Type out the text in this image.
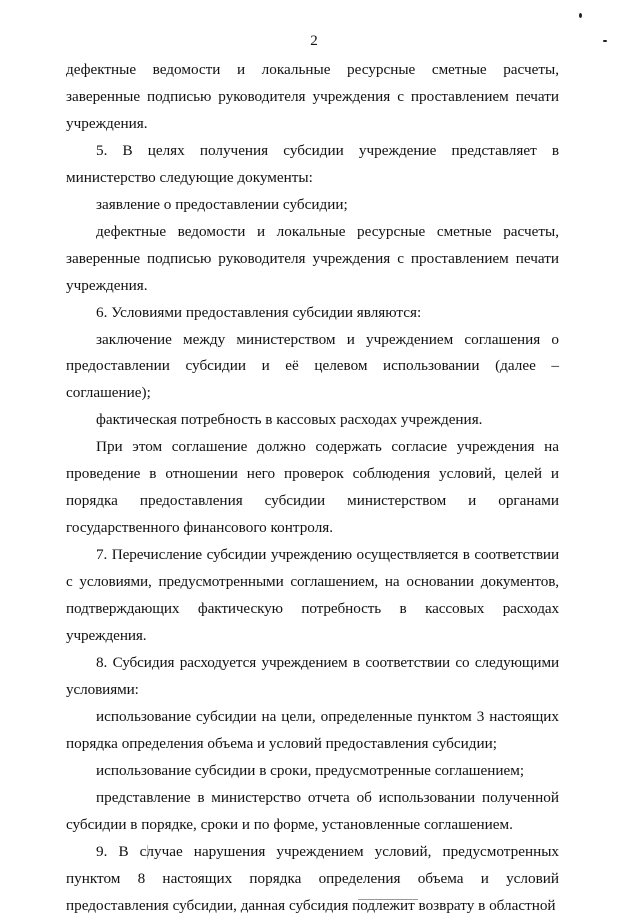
2

дефектные ведомости и локальные ресурсные сметные расчеты, заверенные подписью руководителя учреждения с проставлением печати учреждения.

5. В целях получения субсидии учреждение представляет в министерство следующие документы:

заявление о предоставлении субсидии;

дефектные ведомости и локальные ресурсные сметные расчеты, заверенные подписью руководителя учреждения с проставлением печати учреждения.

6. Условиями предоставления субсидии являются:

заключение между министерством и учреждением соглашения о предоставлении субсидии и её целевом использовании (далее – соглашение);

фактическая потребность в кассовых расходах учреждения.

При этом соглашение должно содержать согласие учреждения на проведение в отношении него проверок соблюдения условий, целей и порядка предоставления субсидии министерством и органами государственного финансового контроля.

7. Перечисление субсидии учреждению осуществляется в соответствии с условиями, предусмотренными соглашением, на основании документов, подтверждающих фактическую потребность в кассовых расходах учреждения.

8. Субсидия расходуется учреждением в соответствии со следующими условиями:

использование субсидии на цели, определенные пунктом 3 настоящих порядка определения объема и условий предоставления субсидии;

использование субсидии в сроки, предусмотренные соглашением;

представление в министерство отчета об использовании полученной субсидии в порядке, сроки и по форме, установленные соглашением.

9. В случае нарушения учреждением условий, предусмотренных пунктом 8 настоящих порядка определения объема и условий предоставления субсидии, данная субсидия подлежит возврату в областной
